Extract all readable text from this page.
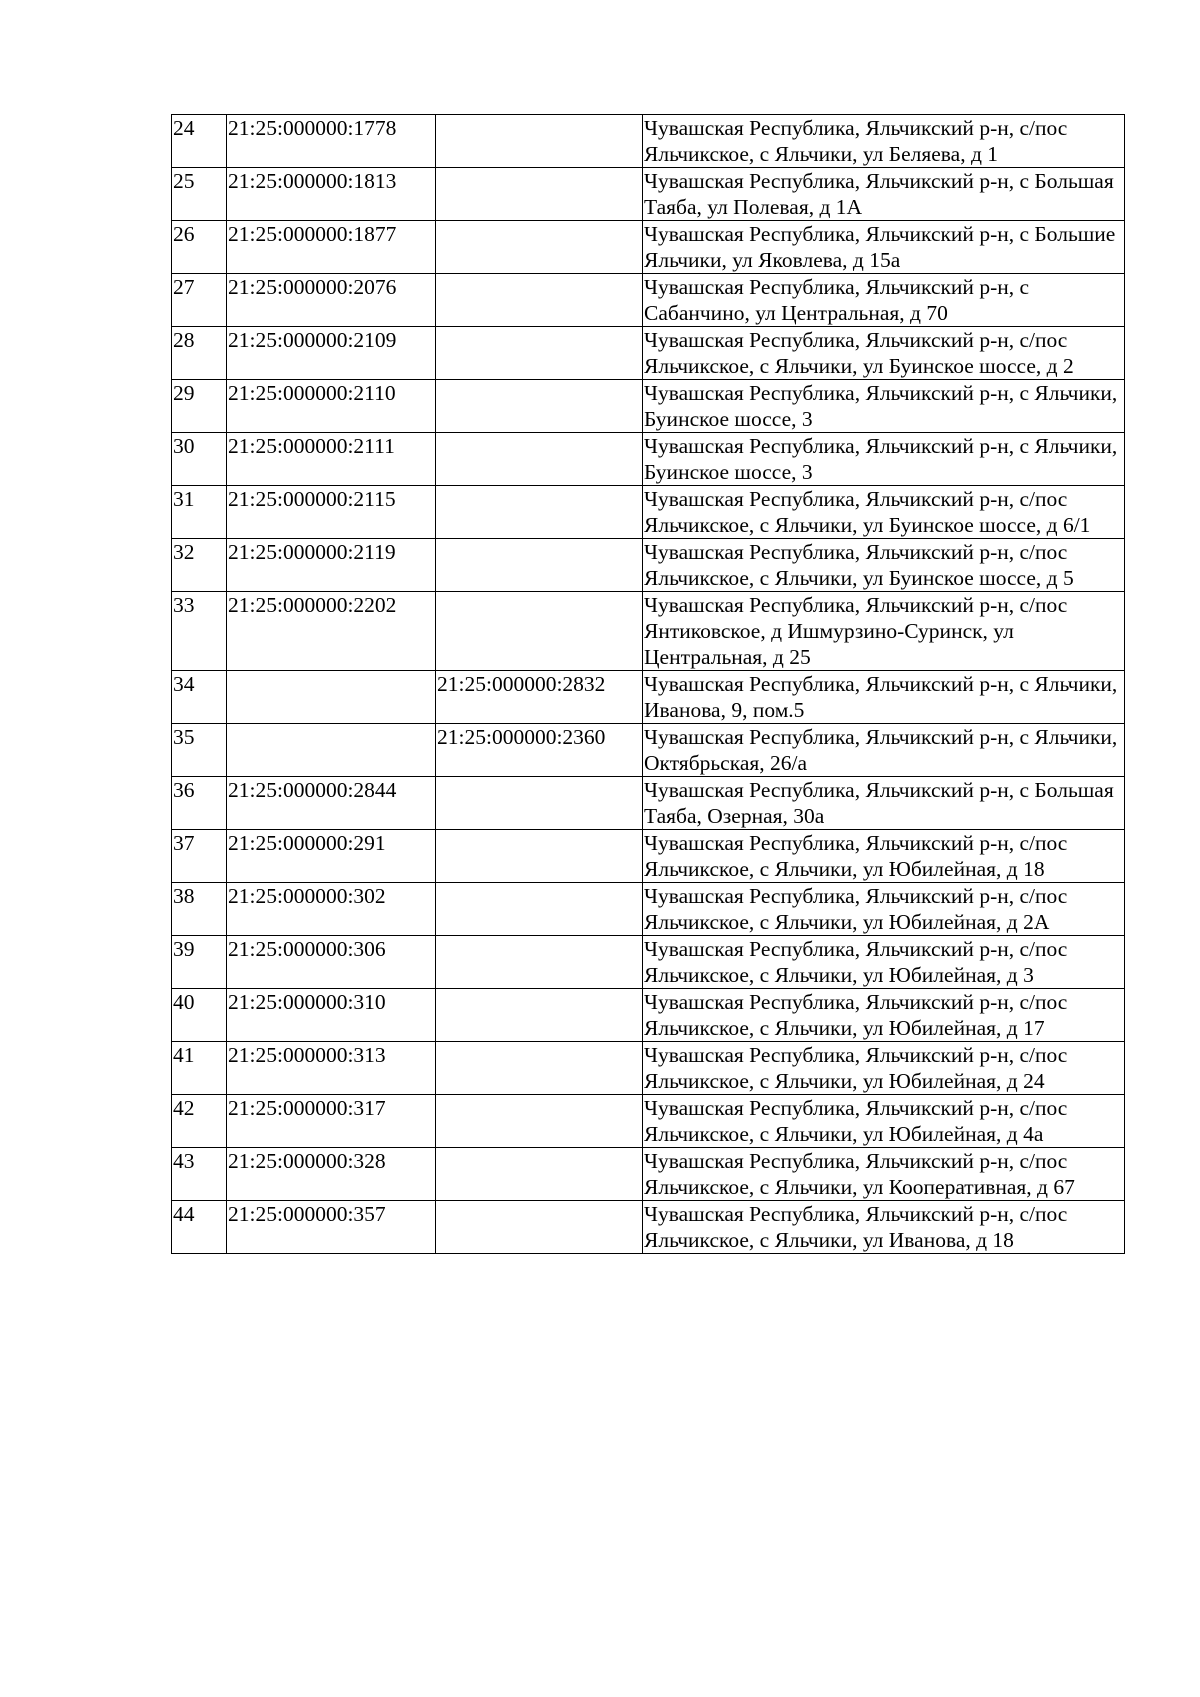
24	21:25:000000:1778		Чувашская Республика, Яльчикский р-н, с/пос Яльчикское, с Яльчики, ул Беляева, д 1
25	21:25:000000:1813		Чувашская Республика, Яльчикский р-н, с Большая Таяба, ул Полевая, д 1А
26	21:25:000000:1877		Чувашская Республика, Яльчикский р-н, с Большие Яльчики, ул Яковлева, д 15а
27	21:25:000000:2076		Чувашская Республика, Яльчикский р-н, с Сабанчино, ул Центральная, д 70
28	21:25:000000:2109		Чувашская Республика, Яльчикский р-н, с/пос Яльчикское, с Яльчики, ул Буинское шоссе, д 2
29	21:25:000000:2110		Чувашская Республика, Яльчикский р-н, с Яльчики, Буинское шоссе, 3
30	21:25:000000:2111		Чувашская Республика, Яльчикский р-н, с Яльчики, Буинское шоссе, 3
31	21:25:000000:2115		Чувашская Республика, Яльчикский р-н, с/пос Яльчикское, с Яльчики, ул Буинское шоссе, д 6/1
32	21:25:000000:2119		Чувашская Республика, Яльчикский р-н, с/пос Яльчикское, с Яльчики, ул Буинское шоссе, д 5
33	21:25:000000:2202		Чувашская Республика, Яльчикский р-н, с/пос Янтиковское, д Ишмурзино-Суринск, ул Центральная, д 25
34		21:25:000000:2832	Чувашская Республика, Яльчикский р-н, с Яльчики, Иванова, 9, пом.5
35		21:25:000000:2360	Чувашская Республика, Яльчикский р-н, с Яльчики, Октябрьская, 26/а
36	21:25:000000:2844		Чувашская Республика, Яльчикский р-н, с Большая Таяба, Озерная, 30а
37	21:25:000000:291		Чувашская Республика, Яльчикский р-н, с/пос Яльчикское, с Яльчики, ул Юбилейная, д 18
38	21:25:000000:302		Чувашская Республика, Яльчикский р-н, с/пос Яльчикское, с Яльчики, ул Юбилейная, д 2А
39	21:25:000000:306		Чувашская Республика, Яльчикский р-н, с/пос Яльчикское, с Яльчики, ул Юбилейная, д 3
40	21:25:000000:310		Чувашская Республика, Яльчикский р-н, с/пос Яльчикское, с Яльчики, ул Юбилейная, д 17
41	21:25:000000:313		Чувашская Республика, Яльчикский р-н, с/пос Яльчикское, с Яльчики, ул Юбилейная, д 24
42	21:25:000000:317		Чувашская Республика, Яльчикский р-н, с/пос Яльчикское, с Яльчики, ул Юбилейная, д 4а
43	21:25:000000:328		Чувашская Республика, Яльчикский р-н, с/пос Яльчикское, с Яльчики, ул Кооперативная, д 67
44	21:25:000000:357		Чувашская Республика, Яльчикский р-н, с/пос Яльчикское, с Яльчики, ул Иванова, д 18
